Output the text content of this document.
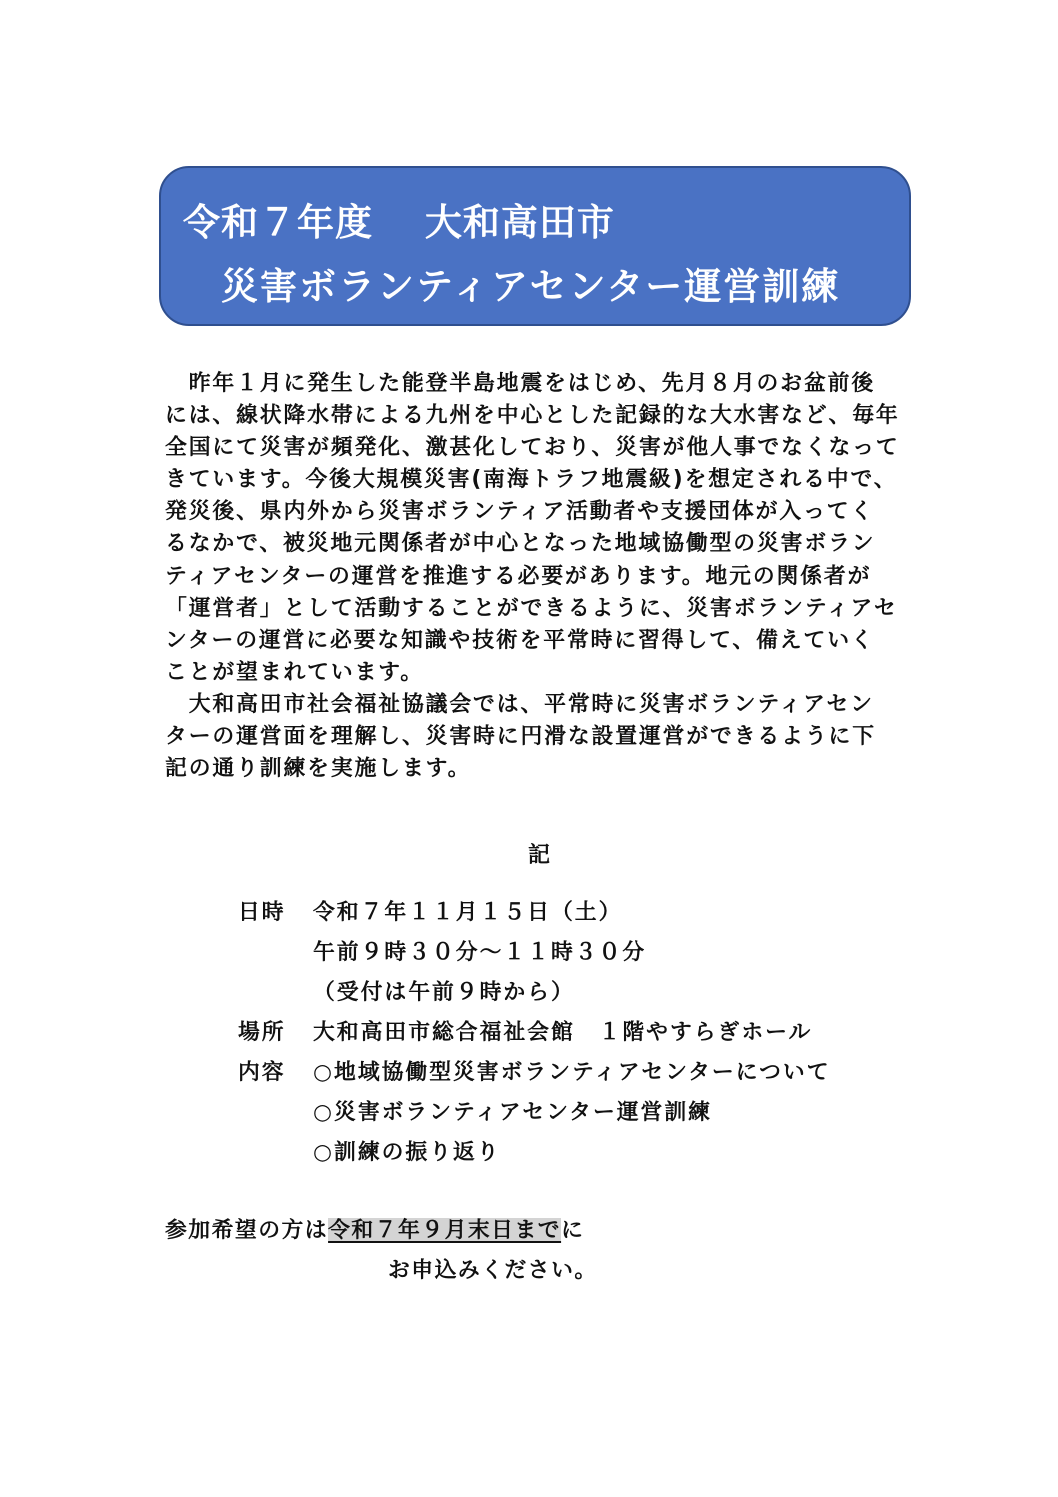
令和７年度　 大和高田市
災害ボランティアセンター運営訓練
　昨年１月に発生した能登半島地震をはじめ、先月８月のお盆前後
には、線状降水帯による九州を中心とした記録的な大水害など、毎年
全国にて災害が頻発化、激甚化しており、災害が他人事でなくなって
きています。今後大規模災害(南海トラフ地震級)を想定される中で、
発災後、県内外から災害ボランティア活動者や支援団体が入ってく
るなかで、被災地元関係者が中心となった地域協働型の災害ボラン
ティアセンターの運営を推進する必要があります。地元の関係者が
「運営者」として活動することができるように、災害ボランティアセ
ンターの運営に必要な知識や技術を平常時に習得して、備えていく
ことが望まれています。
　大和高田市社会福祉協議会では、平常時に災害ボランティアセン
ターの運営面を理解し、災害時に円滑な設置運営ができるように下
記の通り訓練を実施します。
記
日時 令和７年１１月１５日（土）
午前９時３０分～１１時３０分
（受付は午前９時から）
場所 大和高田市総合福祉会館　１階やすらぎホール
内容 ○地域協働型災害ボランティアセンターについて
○災害ボランティアセンター運営訓練
○訓練の振り返り
参加希望の方は令和７年９月末日までに
お申込みください。
